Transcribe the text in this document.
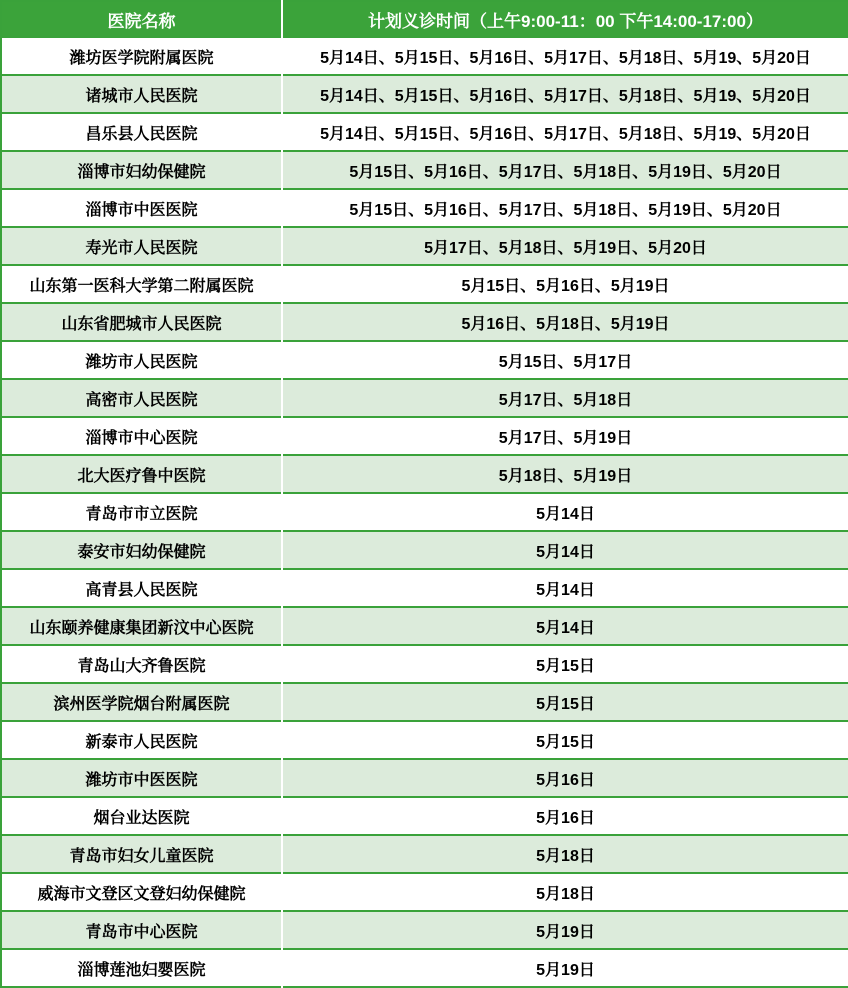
医院名称	计划义诊时间（上午9:00-11：00 下午14:00-17:00）
潍坊医学院附属医院	5月14日、5月15日、5月16日、5月17日、5月18日、5月19、5月20日
诸城市人民医院	5月14日、5月15日、5月16日、5月17日、5月18日、5月19、5月20日
昌乐县人民医院	5月14日、5月15日、5月16日、5月17日、5月18日、5月19、5月20日
淄博市妇幼保健院	5月15日、5月16日、5月17日、5月18日、5月19日、5月20日
淄博市中医医院	5月15日、5月16日、5月17日、5月18日、5月19日、5月20日
寿光市人民医院	5月17日、5月18日、5月19日、5月20日
山东第一医科大学第二附属医院	5月15日、5月16日、5月19日
山东省肥城市人民医院	5月16日、5月18日、5月19日
潍坊市人民医院	5月15日、5月17日
高密市人民医院	5月17日、5月18日
淄博市中心医院	5月17日、5月19日
北大医疗鲁中医院	5月18日、5月19日
青岛市市立医院	5月14日
泰安市妇幼保健院	5月14日
高青县人民医院	5月14日
山东颐养健康集团新汶中心医院	5月14日
青岛山大齐鲁医院	5月15日
滨州医学院烟台附属医院	5月15日
新泰市人民医院	5月15日
潍坊市中医医院	5月16日
烟台业达医院	5月16日
青岛市妇女儿童医院	5月18日
威海市文登区文登妇幼保健院	5月18日
青岛市中心医院	5月19日
淄博莲池妇婴医院	5月19日
